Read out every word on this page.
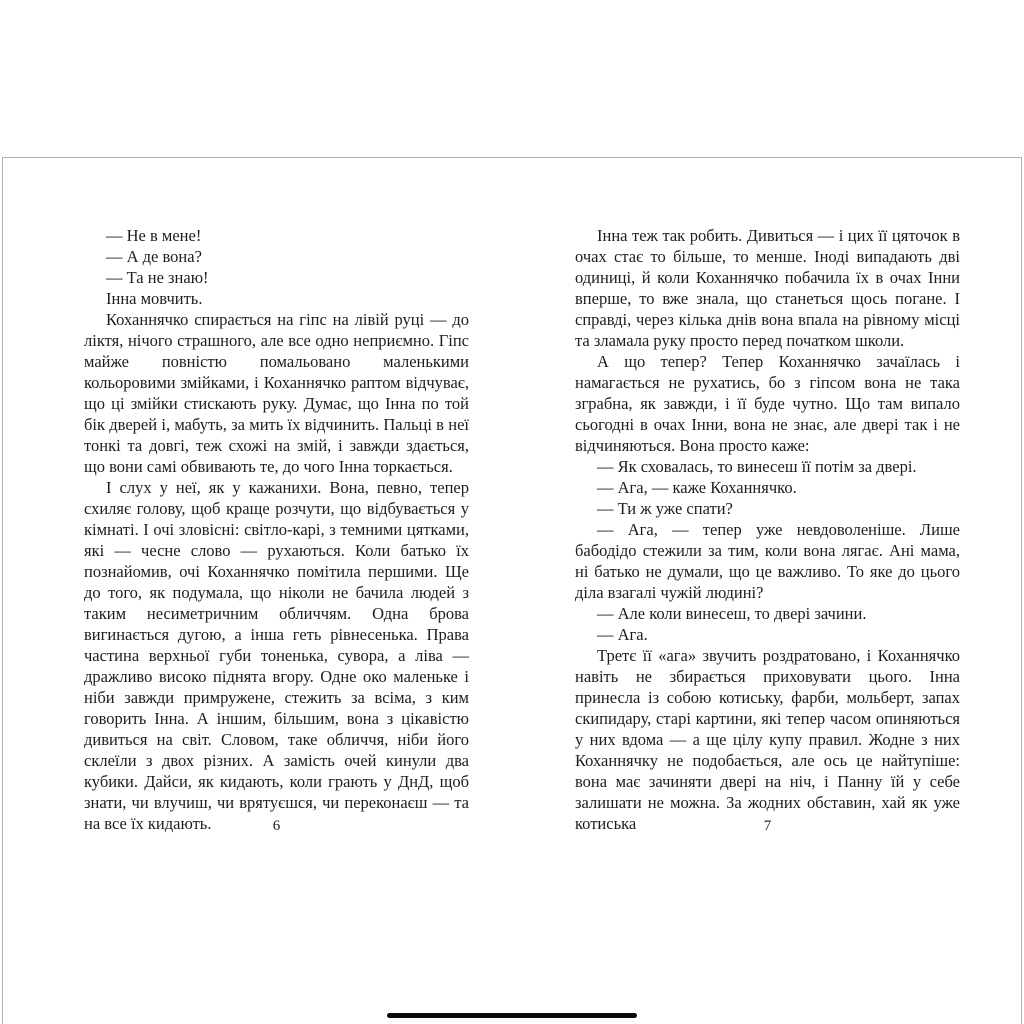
— Не в мене!

— А де вона?

— Та не знаю!

Інна мовчить.

Коханнячко спирається на гіпс на лівій руці — до ліктя, нічого страшного, але все одно неприємно. Гіпс майже повністю помальовано маленькими кольоровими змійками, і Коханнячко раптом відчуває, що ці змійки стискають руку. Думає, що Інна по той бік дверей і, мабуть, за мить їх відчинить. Пальці в неї тонкі та довгі, теж схожі на змій, і завжди здається, що вони самі обвивають те, до чого Інна торкається.

І слух у неї, як у кажанихи. Вона, певно, тепер схиляє голову, щоб краще розчути, що відбувається у кімнаті. І очі зловісні: світло-карі, з темними цятками, які — чесне слово — рухаються. Коли батько їх познайомив, очі Коханнячко помітила першими. Ще до того, як подумала, що ніколи не бачила людей з таким несиметричним обличчям. Одна брова вигинається дугою, а інша геть рівнесенька. Права частина верхньої губи тоненька, сувора, а ліва — дражливо високо піднята вгору. Одне око маленьке і ніби завжди примружене, стежить за всіма, з ким говорить Інна. А іншим, більшим, вона з цікавістю дивиться на світ. Словом, таке обличчя, ніби його склеїли з двох різних. А замість очей кинули два кубики. Дайси, як кидають, коли грають у ДнД, щоб знати, чи влучиш, чи врятуєшся, чи переконаєш — та на все їх кидають.	6

Інна теж так робить. Дивиться — і цих її цяточок в очах стає то більше, то менше. Іноді випадають дві одиниці, й коли Коханнячко побачила їх в очах Інни вперше, то вже знала, що станеться щось погане. І справді, через кілька днів вона впала на рівному місці та зламала руку просто перед початком школи.

А що тепер? Тепер Коханнячко зачаїлась і намагається не рухатись, бо з гіпсом вона не така зграбна, як завжди, і її буде чутно. Що там випало сьогодні в очах Інни, вона не знає, але двері так і не відчиняються. Вона просто каже:

— Як сховалась, то винесеш її потім за двері.

— Ага, — каже Коханнячко.

— Ти ж уже спати?

— Ага, — тепер уже невдоволеніше. Лише бабодідо стежили за тим, коли вона лягає. Ані мама, ні батько не думали, що це важливо. То яке до цього діла взагалі чужій людині?

— Але коли винесеш, то двері зачини.

— Ага.

Третє її «ага» звучить роздратовано, і Коханнячко навіть не збирається приховувати цього. Інна принесла із собою котиську, фарби, мольберт, запах скипидару, старі картини, які тепер часом опиняються у них вдома — а ще цілу купу правил. Жодне з них Коханнячку не подобається, але ось це найтупіше: вона має зачиняти двері на ніч, і Панну їй у себе залишати не можна. За жодних обставин, хай як уже котиська	7
